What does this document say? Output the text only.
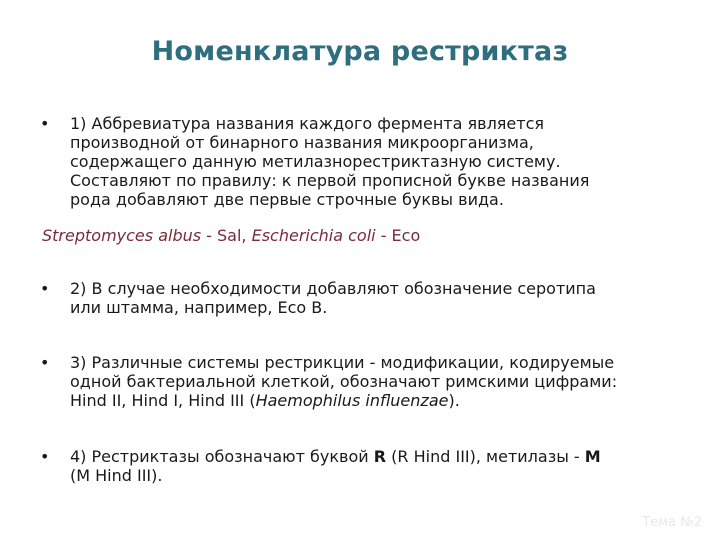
Номенклатура рестриктаз
• 1) Аббревиатура названия каждого фермента является
производной от бинарного названия микроорганизма,
содержащего данную метилазнорестриктазную систему.
Составляют по правилу: к первой прописной букве названия
рода добавляют две первые строчные буквы вида.
Streptomyces albus - Sal, Escherichia coli - Eco
• 2) В случае необходимости добавляют обозначение серотипа
или штамма, например, Eco B.
• 3) Различные системы рестрикции - модификации, кодируемые
одной бактериальной клеткой, обозначают римскими цифрами:
Hind II, Hind I, Hind III (Haemophilus influenzae).
• 4) Рестриктазы обозначают буквой R (R Hind III), метилазы - M
(M Hind III).
Тема №2
